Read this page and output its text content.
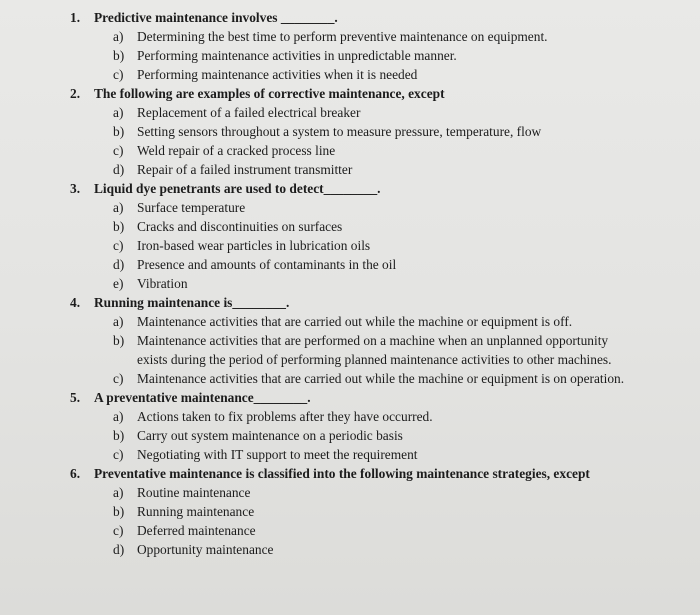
1. Predictive maintenance involves ________.
a)	Determining the best time to perform preventive maintenance on equipment.
b) Performing maintenance activities in unpredictable manner.
c)	Performing maintenance activities when it is needed
2. The following are examples of corrective maintenance, except
a)	Replacement of a failed electrical breaker
b) Setting sensors throughout a system to measure pressure, temperature, flow
c)	Weld repair of a cracked process line
d) Repair of a failed instrument transmitter
3. Liquid dye penetrants are used to detect________.
a)	Surface temperature
b) Cracks and discontinuities on surfaces
c)	Iron-based wear particles in lubrication oils
d) Presence and amounts of contaminants in the oil
e)	Vibration
4. Running maintenance is________.
a)	Maintenance activities that are carried out while the machine or equipment is off.
b) Maintenance activities that are performed on a machine when an unplanned opportunity exists during the period of performing planned maintenance activities to other machines.
c)	Maintenance activities that are carried out while the machine or equipment is on operation.
5. A preventative maintenance________.
a)	Actions taken to fix problems after they have occurred.
b) Carry out system maintenance on a periodic basis
c)	Negotiating with IT support to meet the requirement
6. Preventative maintenance is classified into the following maintenance strategies, except
a)	Routine maintenance
b) Running maintenance
c)	Deferred maintenance
d) Opportunity maintenance
